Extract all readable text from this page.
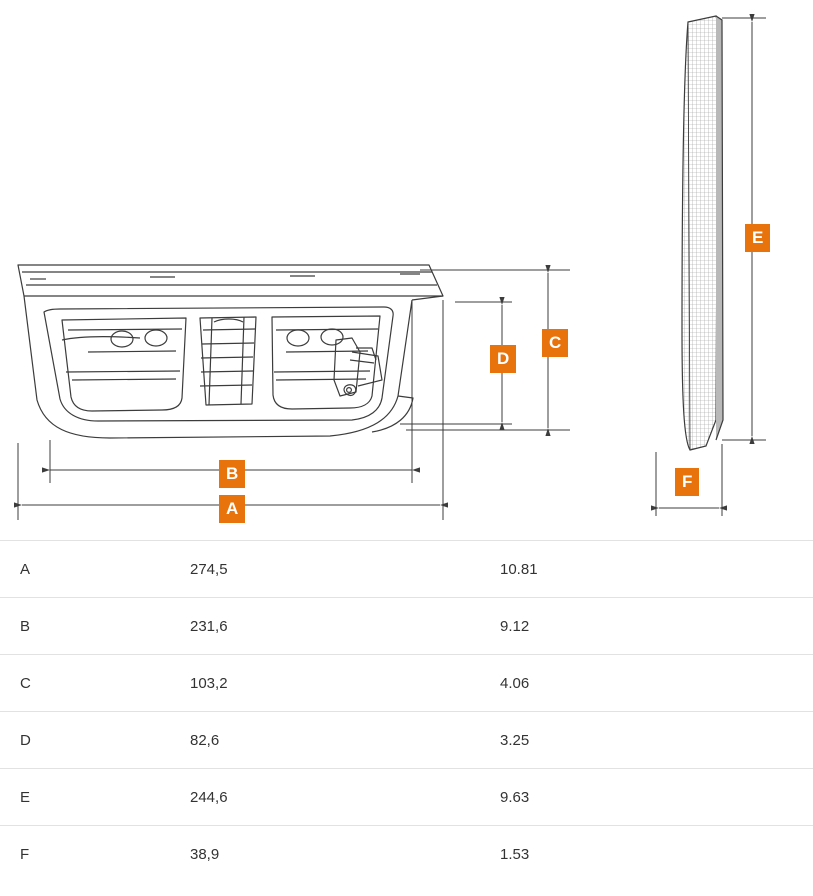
B
A
C
D
E
F
A	274,5	10.81
B	231,6	9.12
C	103,2	4.06
D	82,6	3.25
E	244,6	9.63
F	38,9	1.53
